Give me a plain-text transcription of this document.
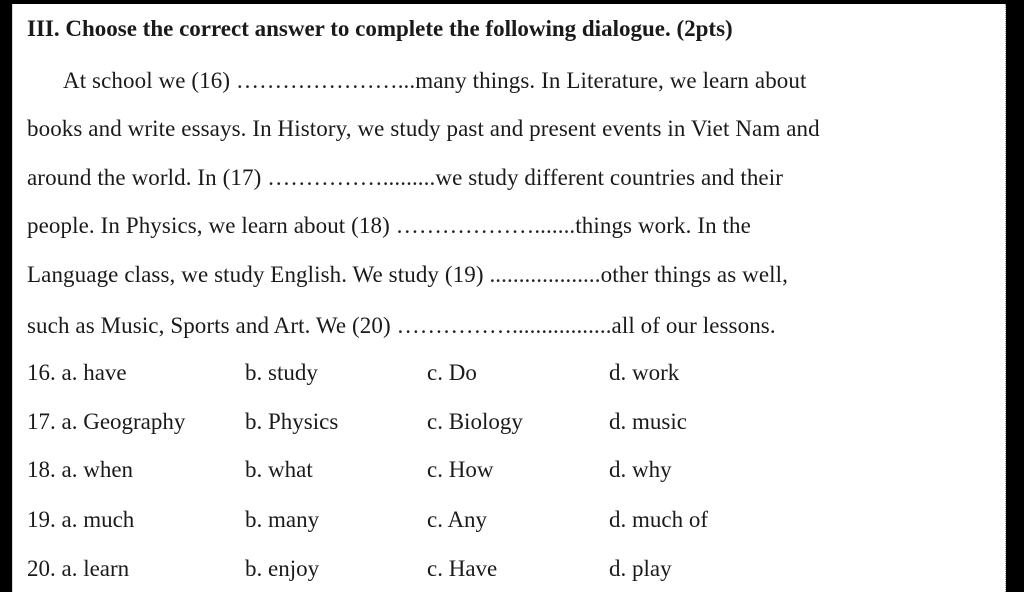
III. Choose the correct answer to complete the following dialogue. (2pts)
At school we (16) …………………...many things. In Literature, we learn about
books and write essays. In History, we study past and present events in Viet Nam and
around the world. In (17) …………….........we study different countries and their
people. In Physics, we learn about (18) ……………….......things work. In the
Language class, we study English. We study (19) ...................other things as well,
such as Music, Sports and Art. We (20) …………….................all of our lessons.
16. a. have	b. study	c. Do	d. work
17. a. Geography	b. Physics	c. Biology	d. music
18. a. when	b. what	c. How	d. why
19. a. much	b. many	c. Any	d. much of
20. a. learn	b. enjoy	c. Have	d. play
